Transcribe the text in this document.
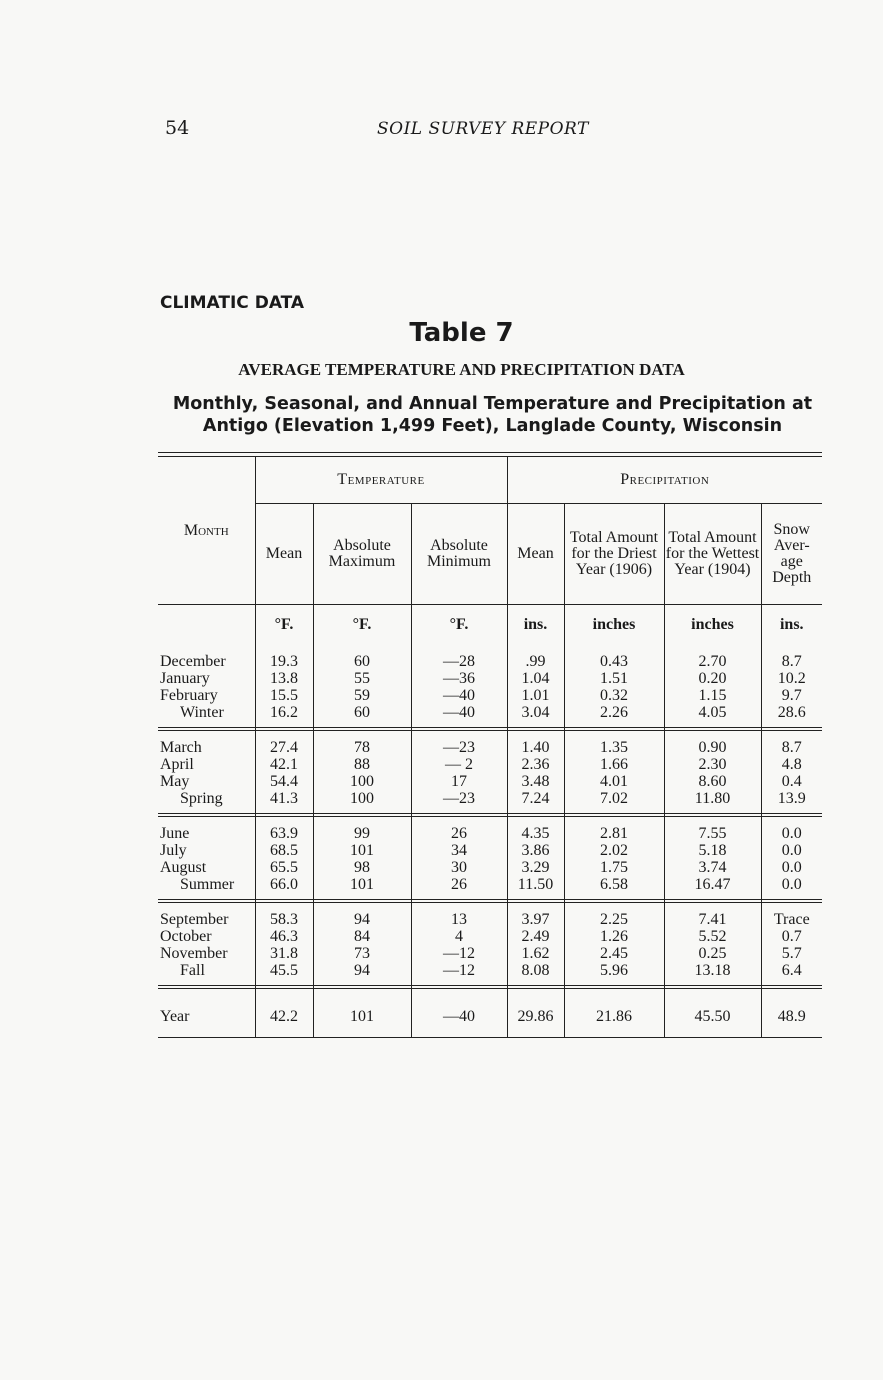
54	SOIL SURVEY REPORT
CLIMATIC DATA
Table 7
AVERAGE TEMPERATURE AND PRECIPITATION DATA
Monthly, Seasonal, and Annual Temperature and Precipitation at Antigo (Elevation 1,499 Feet), Langlade County, Wisconsin
Month	Temperature			Precipitation			
	Mean	Absolute Maximum	Absolute Minimum	Mean	Total Amount for the Driest Year (1906)	Total Amount for the Wettest Year (1904)	Snow Aver- age Depth
	°F.	°F.	°F.	ins.	inches	inches	ins.

December	19.3	60	—28	.99	0.43	2.70	8.7
January	13.8	55	—36	1.04	1.51	0.20	10.2
February	15.5	59	—40	1.01	0.32	1.15	9.7
Winter	16.2	60	—40	3.04	2.26	4.05	28.6

March	27.4	78	—23	1.40	1.35	0.90	8.7
April	42.1	88	— 2	2.36	1.66	2.30	4.8
May	54.4	100	17	3.48	4.01	8.60	0.4
Spring	41.3	100	—23	7.24	7.02	11.80	13.9

June	63.9	99	26	4.35	2.81	7.55	0.0
July	68.5	101	34	3.86	2.02	5.18	0.0
August	65.5	98	30	3.29	1.75	3.74	0.0
Summer	66.0	101	26	11.50	6.58	16.47	0.0

September	58.3	94	13	3.97	2.25	7.41	Trace
October	46.3	84	4	2.49	1.26	5.52	0.7
November	31.8	73	—12	1.62	2.45	0.25	5.7
Fall	45.5	94	—12	8.08	5.96	13.18	6.4

Year	42.2	101	—40	29.86	21.86	45.50	48.9
